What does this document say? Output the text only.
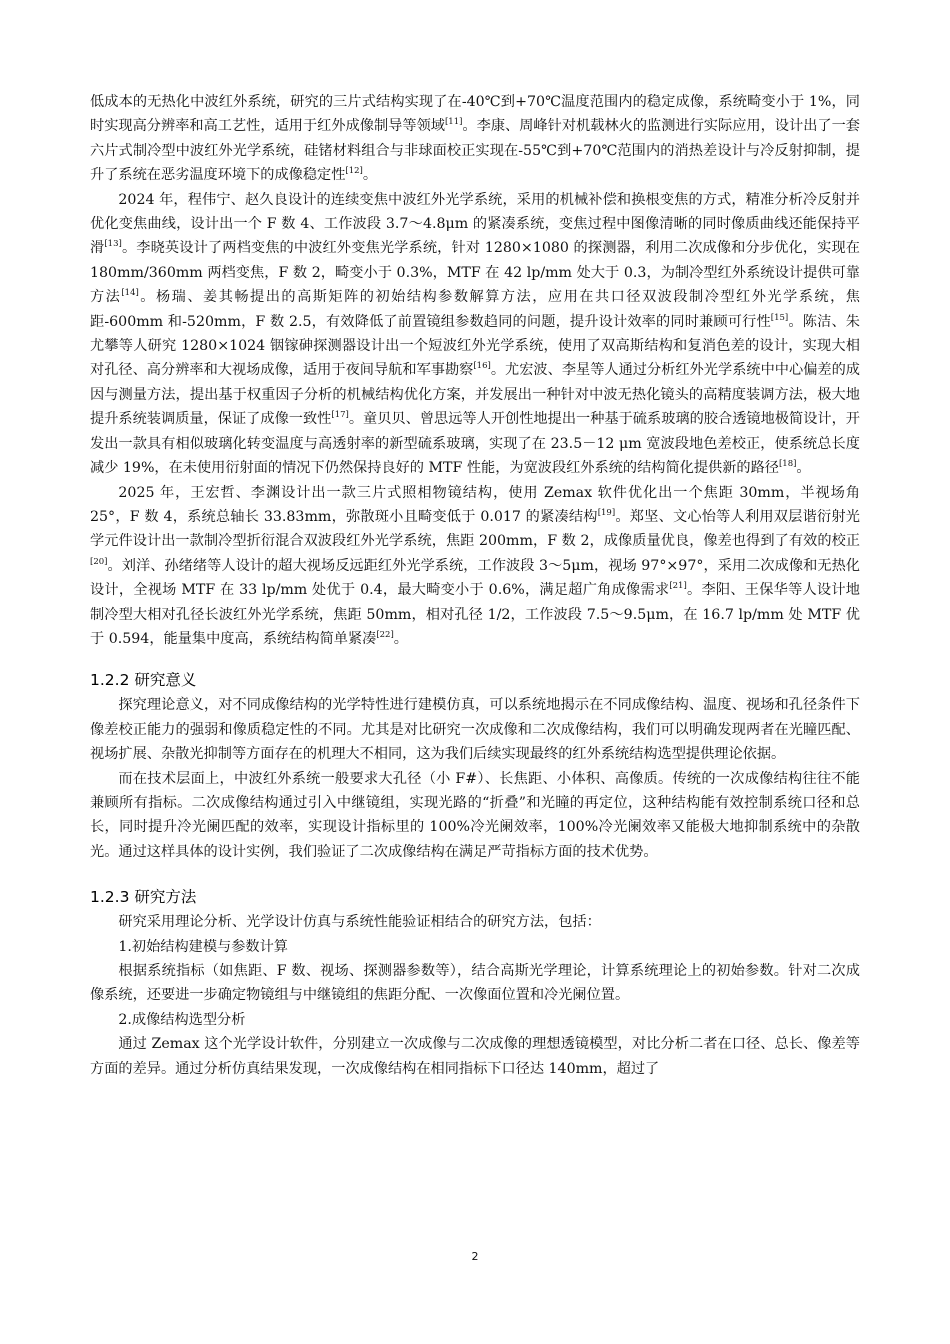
低成本的无热化中波红外系统，研究的三片式结构实现了在-40℃到+70℃温度范围内的稳定成像，系统畸变小于 1%，同时实现高分辨率和高工艺性，适用于红外成像制导等领域[11]。李康、周峰针对机载林火的监测进行实际应用，设计出了一套六片式制冷型中波红外光学系统，硅锗材料组合与非球面校正实现在-55℃到+70℃范围内的消热差设计与冷反射抑制，提升了系统在恶劣温度环境下的成像稳定性[12]。

2024 年，程伟宁、赵久良设计的连续变焦中波红外光学系统，采用的机械补偿和换根变焦的方式，精准分析冷反射并优化变焦曲线，设计出一个 F 数 4、工作波段 3.7～4.8μm 的紧凑系统，变焦过程中图像清晰的同时像质曲线还能保持平滑[13]。李晓英设计了两档变焦的中波红外变焦光学系统，针对 1280×1080 的探测器，利用二次成像和分步优化，实现在 180mm/360mm 两档变焦，F 数 2，畸变小于 0.3%，MTF 在 42 lp/mm 处大于 0.3，为制冷型红外系统设计提供可靠方法[14]。杨瑞、姜其畅提出的高斯矩阵的初始结构参数解算方法，应用在共口径双波段制冷型红外光学系统，焦距-600mm 和-520mm，F 数 2.5，有效降低了前置镜组参数趋同的问题，提升设计效率的同时兼顾可行性[15]。陈洁、朱尤攀等人研究 1280×1024 铟镓砷探测器设计出一个短波红外光学系统，使用了双高斯结构和复消色差的设计，实现大相对孔径、高分辨率和大视场成像，适用于夜间导航和军事勘察[16]。尤宏波、李星等人通过分析红外光学系统中中心偏差的成因与测量方法，提出基于权重因子分析的机械结构优化方案，并发展出一种针对中波无热化镜头的高精度装调方法，极大地提升系统装调质量，保证了成像一致性[17]。童贝贝、曾思远等人开创性地提出一种基于硫系玻璃的胶合透镜地极简设计，开发出一款具有相似玻璃化转变温度与高透射率的新型硫系玻璃，实现了在 23.5－12 μm 宽波段地色差校正，使系统总长度减少 19%，在未使用衍射面的情况下仍然保持良好的 MTF 性能，为宽波段红外系统的结构简化提供新的路径[18]。

2025 年，王宏哲、李渊设计出一款三片式照相物镜结构，使用 Zemax 软件优化出一个焦距 30mm，半视场角 25°，F 数 4，系统总轴长 33.83mm，弥散斑小且畸变低于 0.017 的紧凑结构[19]。郑坚、文心怡等人利用双层谐衍射光学元件设计出一款制冷型折衍混合双波段红外光学系统，焦距 200mm，F 数 2，成像质量优良，像差也得到了有效的校正[20]。刘洋、孙绪绪等人设计的超大视场反远距红外光学系统，工作波段 3～5μm，视场 97°×97°，采用二次成像和无热化设计，全视场 MTF 在 33 lp/mm 处优于 0.4，最大畸变小于 0.6%，满足超广角成像需求[21]。李阳、王保华等人设计地制冷型大相对孔径长波红外光学系统，焦距 50mm，相对孔径 1/2，工作波段 7.5～9.5μm，在 16.7 lp/mm 处 MTF 优于 0.594，能量集中度高，系统结构简单紧凑[22]。

1.2.2 研究意义

探究理论意义，对不同成像结构的光学特性进行建模仿真，可以系统地揭示在不同成像结构、温度、视场和孔径条件下像差校正能力的强弱和像质稳定性的不同。尤其是对比研究一次成像和二次成像结构，我们可以明确发现两者在光瞳匹配、视场扩展、杂散光抑制等方面存在的机理大不相同，这为我们后续实现最终的红外系统结构选型提供理论依据。

而在技术层面上，中波红外系统一般要求大孔径（小 F#）、长焦距、小体积、高像质。传统的一次成像结构往往不能兼顾所有指标。二次成像结构通过引入中继镜组，实现光路的“折叠”和光瞳的再定位，这种结构能有效控制系统口径和总长，同时提升冷光阑匹配的效率，实现设计指标里的 100%冷光阑效率，100%冷光阑效率又能极大地抑制系统中的杂散光。通过这样具体的设计实例，我们验证了二次成像结构在满足严苛指标方面的技术优势。

1.2.3 研究方法

研究采用理论分析、光学设计仿真与系统性能验证相结合的研究方法，包括：

1.初始结构建模与参数计算

根据系统指标（如焦距、F 数、视场、探测器参数等），结合高斯光学理论，计算系统理论上的初始参数。针对二次成像系统，还要进一步确定物镜组与中继镜组的焦距分配、一次像面位置和冷光阑位置。

2.成像结构选型分析

通过 Zemax 这个光学设计软件，分别建立一次成像与二次成像的理想透镜模型，对比分析二者在口径、总长、像差等方面的差异。通过分析仿真结果发现，一次成像结构在相同指标下口径达 140mm，超过了

2
